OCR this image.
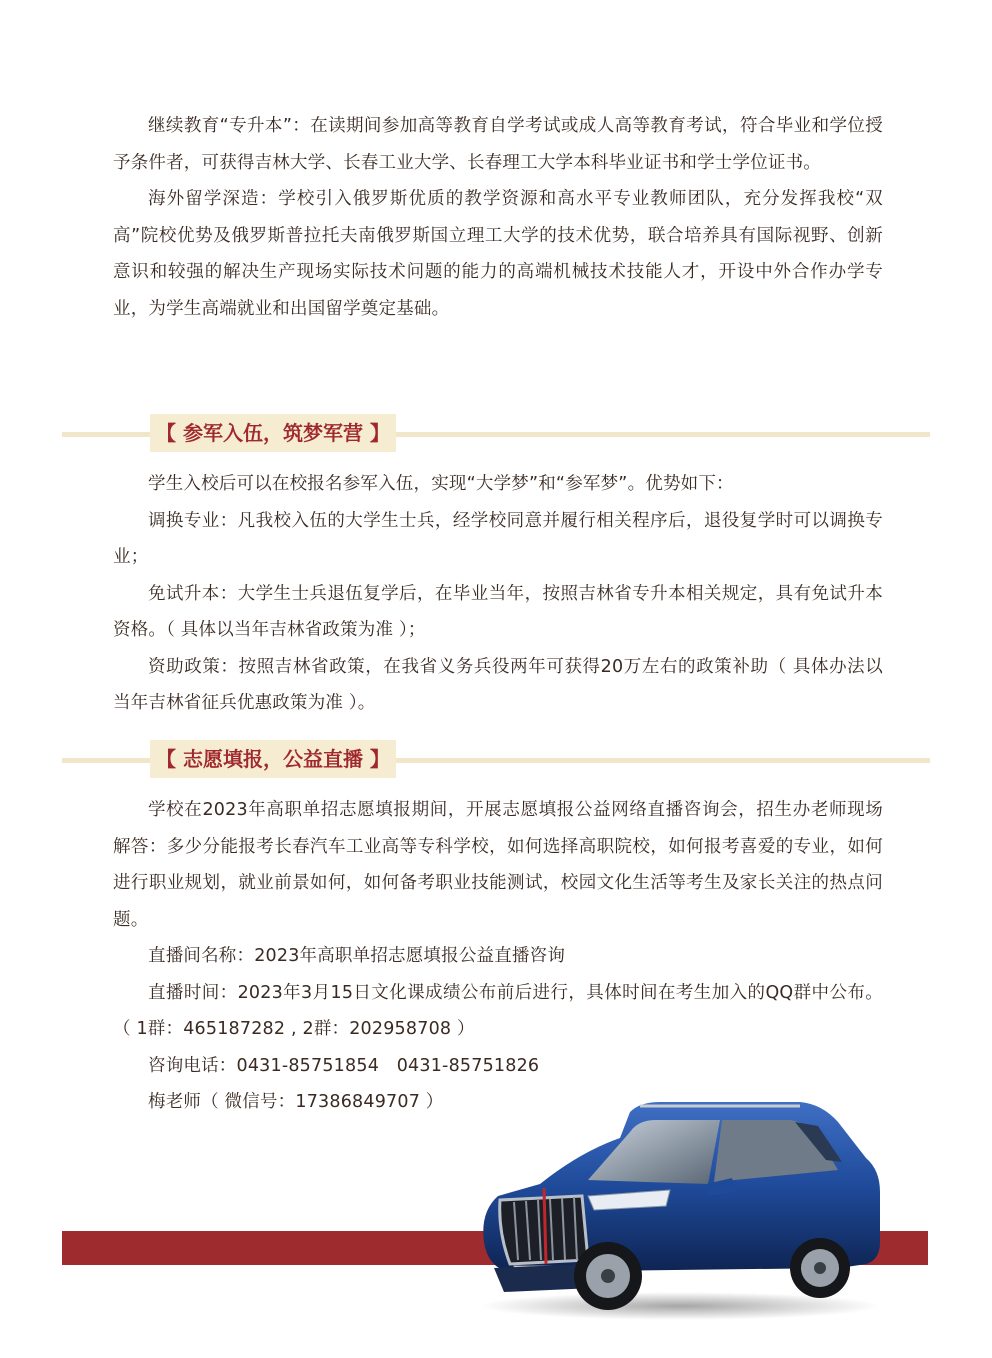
继续教育“专升本”：在读期间参加高等教育自学考试或成人高等教育考试，符合毕业和学位授予条件者，可获得吉林大学、长春工业大学、长春理工大学本科毕业证书和学士学位证书。

海外留学深造：学校引入俄罗斯优质的教学资源和高水平专业教师团队，充分发挥我校“双高”院校优势及俄罗斯普拉托夫南俄罗斯国立理工大学的技术优势，联合培养具有国际视野、创新意识和较强的解决生产现场实际技术问题的能力的高端机械技术技能人才，开设中外合作办学专业，为学生高端就业和出国留学奠定基础。

【 参军入伍，筑梦军营 】

学生入校后可以在校报名参军入伍，实现“大学梦”和“参军梦”。优势如下：

调换专业：凡我校入伍的大学生士兵，经学校同意并履行相关程序后，退役复学时可以调换专业；

免试升本：大学生士兵退伍复学后，在毕业当年，按照吉林省专升本相关规定，具有免试升本资格。（ 具体以当年吉林省政策为准 ）；

资助政策：按照吉林省政策，在我省义务兵役两年可获得20万左右的政策补助（ 具体办法以当年吉林省征兵优惠政策为准 ）。

【 志愿填报，公益直播 】

学校在2023年高职单招志愿填报期间，开展志愿填报公益网络直播咨询会，招生办老师现场解答：多少分能报考长春汽车工业高等专科学校，如何选择高职院校，如何报考喜爱的专业，如何进行职业规划，就业前景如何，如何备考职业技能测试，校园文化生活等考生及家长关注的热点问题。

直播间名称：2023年高职单招志愿填报公益直播咨询

直播时间：2023年3月15日文化课成绩公布前后进行，具体时间在考生加入的QQ群中公布。（ 1群：465187282 , 2群：202958708 ）

咨询电话：0431-85751854　0431-85751826

梅老师（ 微信号：17386849707 ）
